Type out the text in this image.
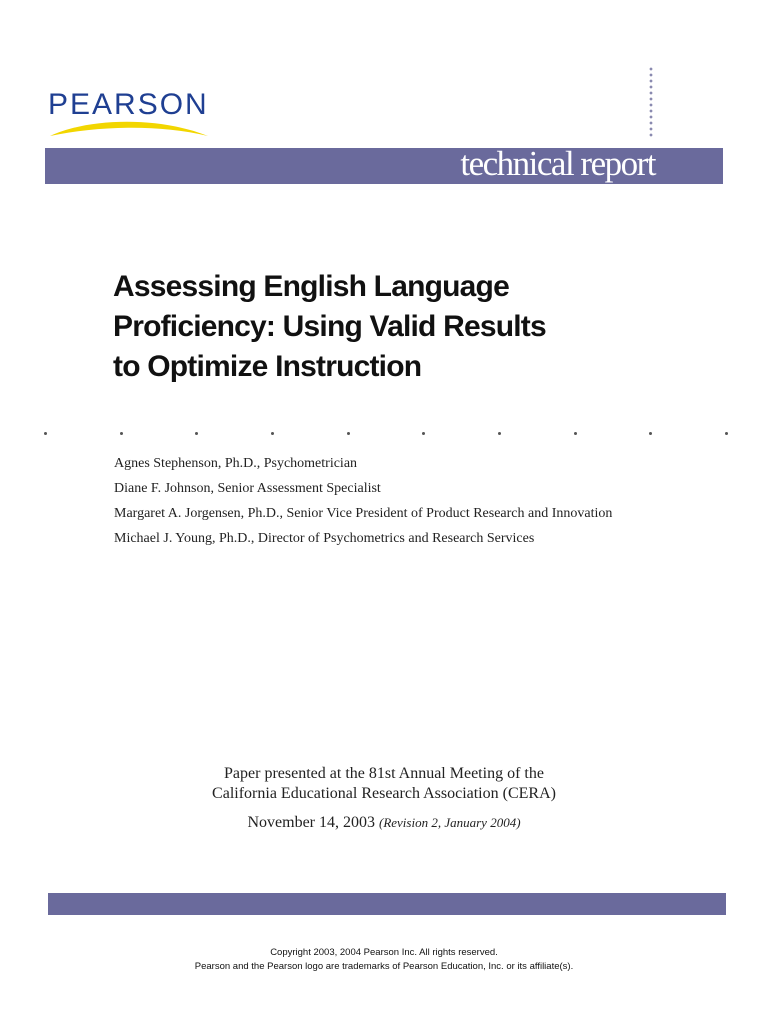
PEARSON
technical report
Assessing English Language
Proficiency: Using Valid Results
to Optimize Instruction
Agnes Stephenson, Ph.D., Psychometrician
Diane F. Johnson, Senior Assessment Specialist
Margaret A. Jorgensen, Ph.D., Senior Vice President of Product Research and Innovation
Michael J. Young, Ph.D., Director of Psychometrics and Research Services
Paper presented at the 81st Annual Meeting of the
California Educational Research Association (CERA)
November 14, 2003 (Revision 2, January 2004)
Copyright 2003, 2004 Pearson Inc. All rights reserved.
Pearson and the Pearson logo are trademarks of Pearson Education, Inc. or its affiliate(s).
